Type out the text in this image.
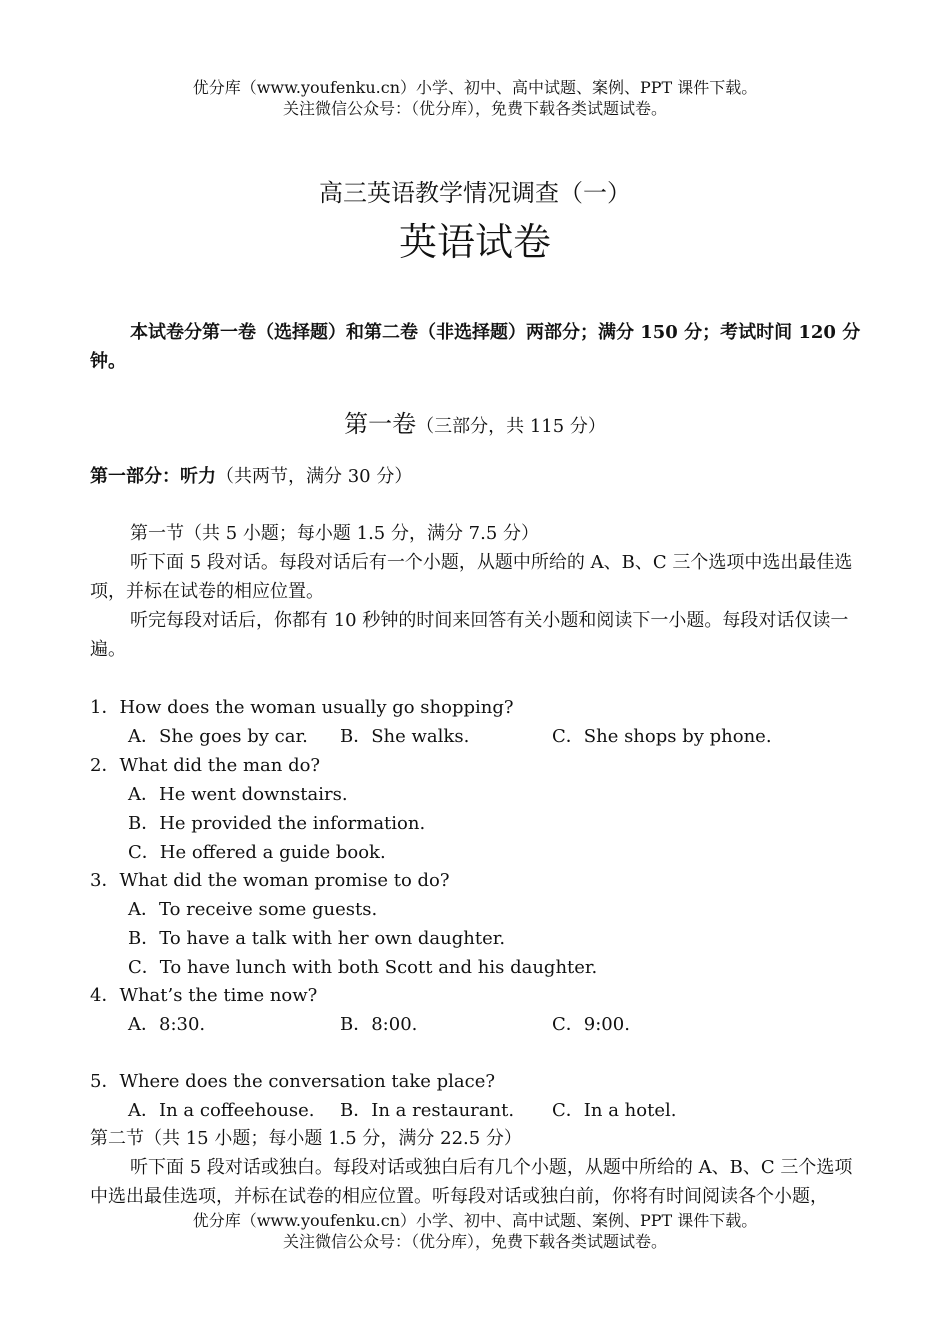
优分库（www.youfenku.cn）小学、初中、高中试题、案例、PPT 课件下载。
关注微信公众号：（优分库），免费下载各类试题试卷。
高三英语教学情况调查（一）
英语试卷
本试卷分第一卷（选择题）和第二卷（非选择题）两部分；满分 150 分；考试时间 120 分钟。
第一卷（三部分，共 115 分）
第一部分：听力（共两节，满分 30 分）

第一节（共 5 小题；每小题 1.5 分，满分 7.5 分）

听下面 5 段对话。每段对话后有一个小题，从题中所给的 A、B、C 三个选项中选出最佳选项，并标在试卷的相应位置。

听完每段对话后，你都有 10 秒钟的时间来回答有关小题和阅读下一小题。每段对话仅读一遍。

1．How does the woman usually go shopping?
A．She goes by car. B．She walks.	C．She shops by phone.
2．What did the man do?
A．He went downstairs.
B．He provided the information.
C．He offered a guide book.
3．What did the woman promise to do?
A．To receive some guests.
B．To have a talk with her own daughter.
C．To have lunch with both Scott and his daughter.
4．What’s the time now?
A．8:30.	B．8:00.	C．9:00.
5．Where does the conversation take place?
A．In a coffeehouse. B．In a restaurant. C．In a hotel.

第二节（共 15 小题；每小题 1.5 分，满分 22.5 分）

听下面 5 段对话或独白。每段对话或独白后有几个小题，从题中所给的 A、B、C 三个选项中选出最佳选项，并标在试卷的相应位置。听每段对话或独白前，你将有时间阅读各个小题，

优分库（www.youfenku.cn）小学、初中、高中试题、案例、PPT 课件下载。
关注微信公众号：（优分库），免费下载各类试题试卷。
